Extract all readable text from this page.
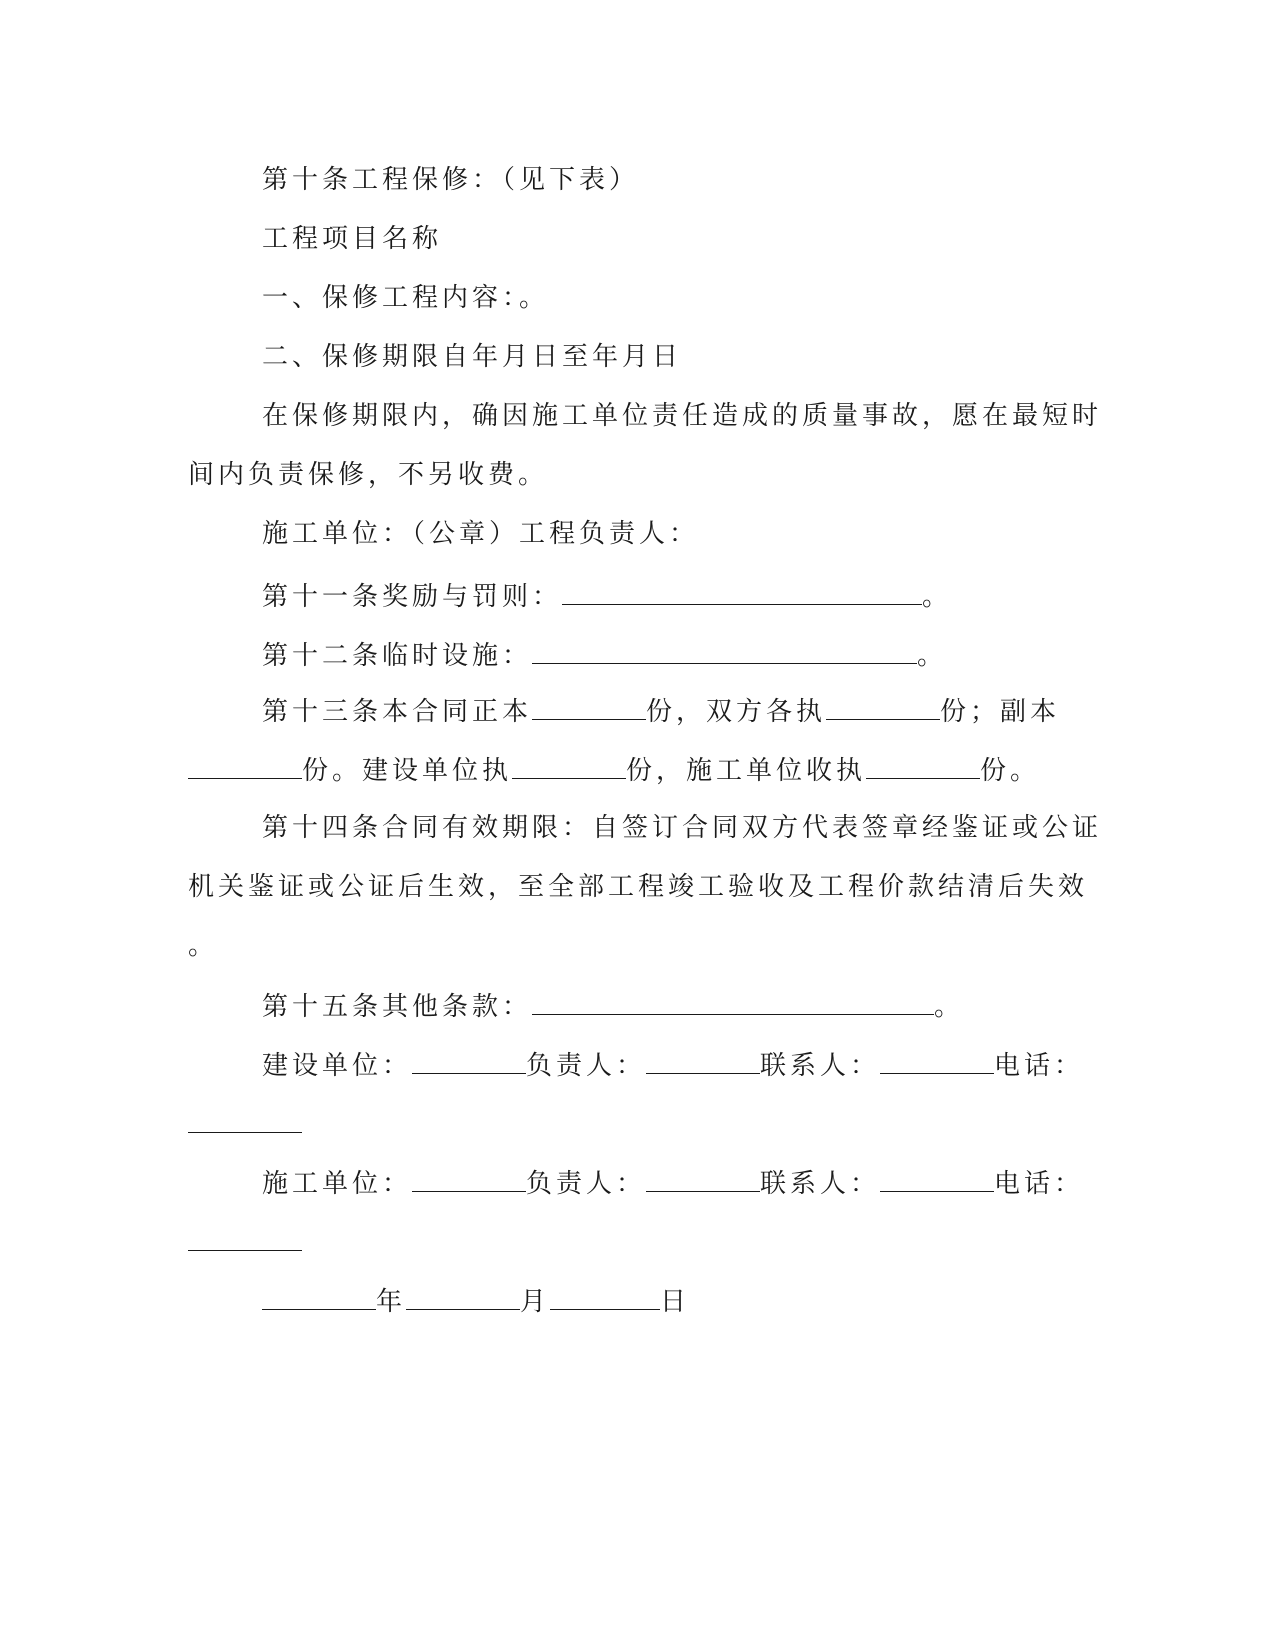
第十条工程保修：（见下表）
工程项目名称
一、保修工程内容：。
二、保修期限自年月日至年月日
在保修期限内，确因施工单位责任造成的质量事故，愿在最短时
间内负责保修，不另收费。
施工单位：（公章）工程负责人：
第十一条奖励与罚则：	。
第十二条临时设施：	。
第十三条本合同正本	份，双方各执	份；副本
份。建设单位执	份，施工单位收执	份。
第十四条合同有效期限：自签订合同双方代表签章经鉴证或公证
机关鉴证或公证后生效，至全部工程竣工验收及工程价款结清后失效
。
第十五条其他条款：	。
建设单位：	负责人：	联系人：	电话：
施工单位：	负责人：	联系人：	电话：
年	月	日
